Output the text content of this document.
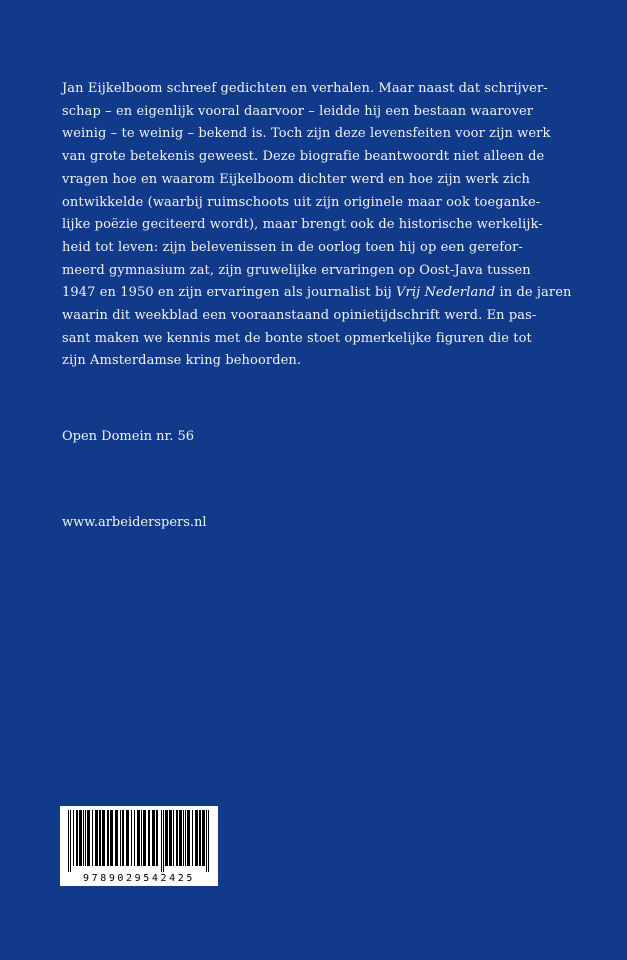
Jan Eijkelboom schreef gedichten en verhalen. Maar naast dat schrijver-
schap – en eigenlijk vooral daarvoor – leidde hij een bestaan waarover
weinig – te weinig – bekend is. Toch zijn deze levensfeiten voor zijn werk
van grote betekenis geweest. Deze biografie beantwoordt niet alleen de
vragen hoe en waarom Eijkelboom dichter werd en hoe zijn werk zich
ontwikkelde (waarbij ruimschoots uit zijn originele maar ook toeganke-
lijke poëzie geciteerd wordt), maar brengt ook de historische werkelijk-
heid tot leven: zijn belevenissen in de oorlog toen hij op een gerefor-
meerd gymnasium zat, zijn gruwelijke ervaringen op Oost-Java tussen
1947 en 1950 en zijn ervaringen als journalist bij Vrij Nederland in de jaren
waarin dit weekblad een vooraanstaand opinietijdschrift werd. En pas-
sant maken we kennis met de bonte stoet opmerkelijke figuren die tot
zijn Amsterdamse kring behoorden.
Open Domein nr. 56
www.arbeiderspers.nl
9789029542425
